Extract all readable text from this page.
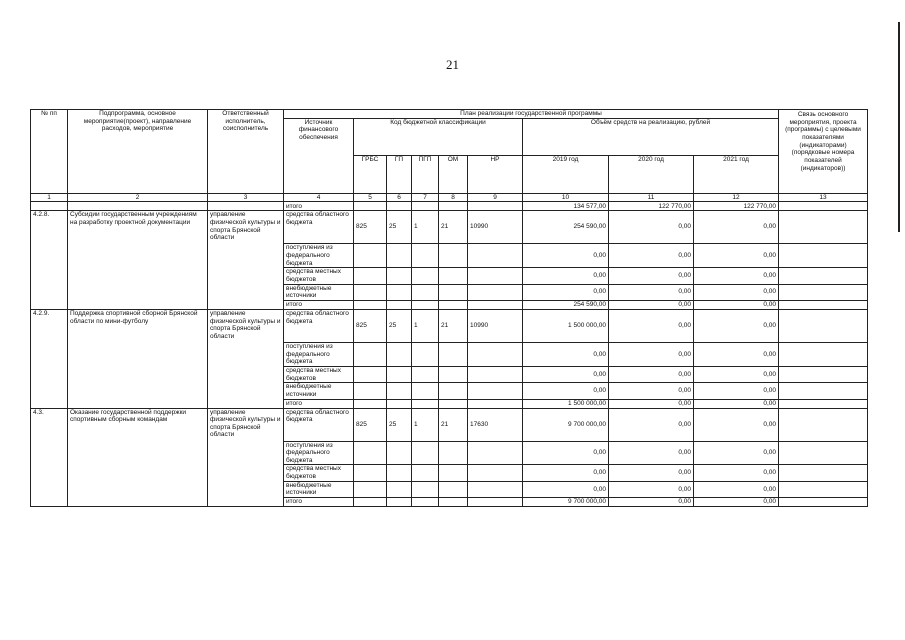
21
№ пп	Подпрограмма, основное мероприятие(проект), направление расходов, мероприятие	Ответственный исполнитель, соисполнитель	План реализации государственной программы									Связь основного мероприятия, проекта (программы) с целевыми показателями (индикаторами) (порядковые номера показателей (индикаторов))
			Источник финансового обеспечения	Код бюджетной классификации					Объём средств на реализацию, рублей			
				ГРБС	ГП	ПГП	ОМ	НР	2019 год	2020 год	2021 год	
1	2	3	4	5	6	7	8	9	10	11	12	13
			итого						134 577,00	122 770,00	122 770,00	
4.2.8.	Субсидии государственным учреждениям на разработку проектной документации	управление физической культуры и спорта Брянской области	средства областного бюджета	825	25	1	21	10990	254 590,00	0,00	0,00	
			поступления из федерального бюджета						0,00	0,00	0,00	
			средства местных бюджетов						0,00	0,00	0,00	
			внебюджетные источники						0,00	0,00	0,00	
			итого						254 590,00	0,00	0,00	
4.2.9.	Поддержка спортивной сборной Брянской области по мини-футболу	управление физической культуры и спорта Брянской области	средства областного бюджета	825	25	1	21	10990	1 500 000,00	0,00	0,00	
			поступления из федерального бюджета						0,00	0,00	0,00	
			средства местных бюджетов						0,00	0,00	0,00	
			внебюджетные источники						0,00	0,00	0,00	
			итого						1 500 000,00	0,00	0,00	
4.3.	Оказание государственной поддержки спортивным сборным командам	управление физической культуры и спорта Брянской области	средства областного бюджета	825	25	1	21	17630	9 700 000,00	0,00	0,00	
			поступления из федерального бюджета						0,00	0,00	0,00	
			средства местных бюджетов						0,00	0,00	0,00	
			внебюджетные источники						0,00	0,00	0,00	
			итого						9 700 000,00	0,00	0,00	
